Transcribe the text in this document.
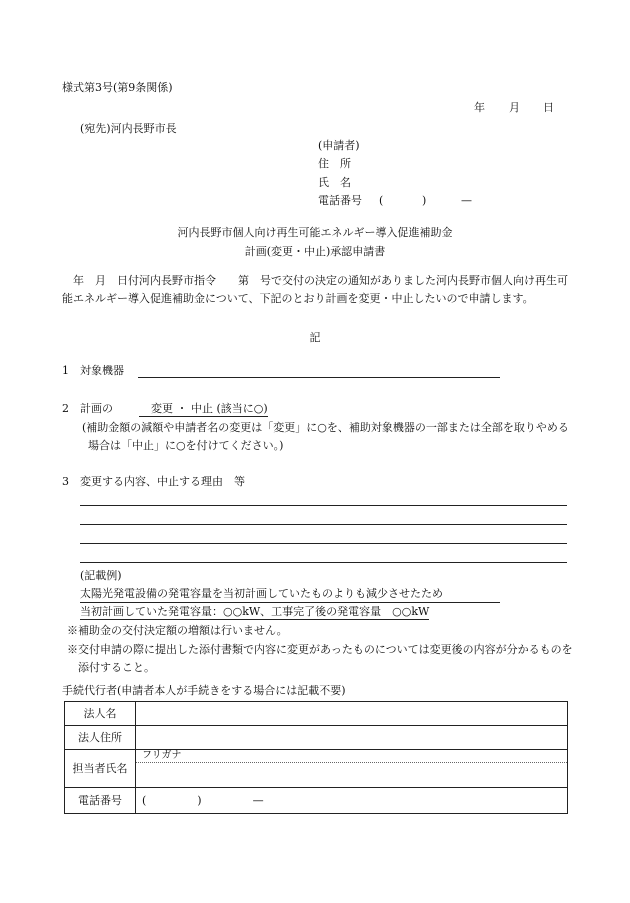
様式第3号(第9条関係)
年 月 日
(宛先)河内長野市長
(申請者)
住　所
氏　名
電話番号 (	)	—
河内長野市個人向け再生可能エネルギー導入促進補助金
計画(変更・中止)承認申請書
年　月　日付河内長野市指令　　第　号で交付の決定の通知がありました河内長野市個人向け再生可能エネルギー導入促進補助金について、下記のとおり計画を変更・中止したいので申請します。
記
1　対象機器
2　計画の	変更 ・ 中止 (該当に○)
(補助金額の減額や申請者名の変更は「変更」に○を、補助対象機器の一部または全部を取りやめる場合は「中止」に○を付けてください。)
3　変更する内容、中止する理由　等
(記載例)
太陽光発電設備の発電容量を当初計画していたものよりも減少させたため
当初計画していた発電容量：○○kW、工事完了後の発電容量　○○kW
※補助金の交付決定額の増額は行いません。
※交付申請の際に提出した添付書類で内容に変更があったものについては変更後の内容が分かるものを添付すること。
手続代行者(申請者本人が手続きをする場合には記載不要)
法人名	
法人住所	
担当者氏名	フリガナ

電話番号	( ) —
